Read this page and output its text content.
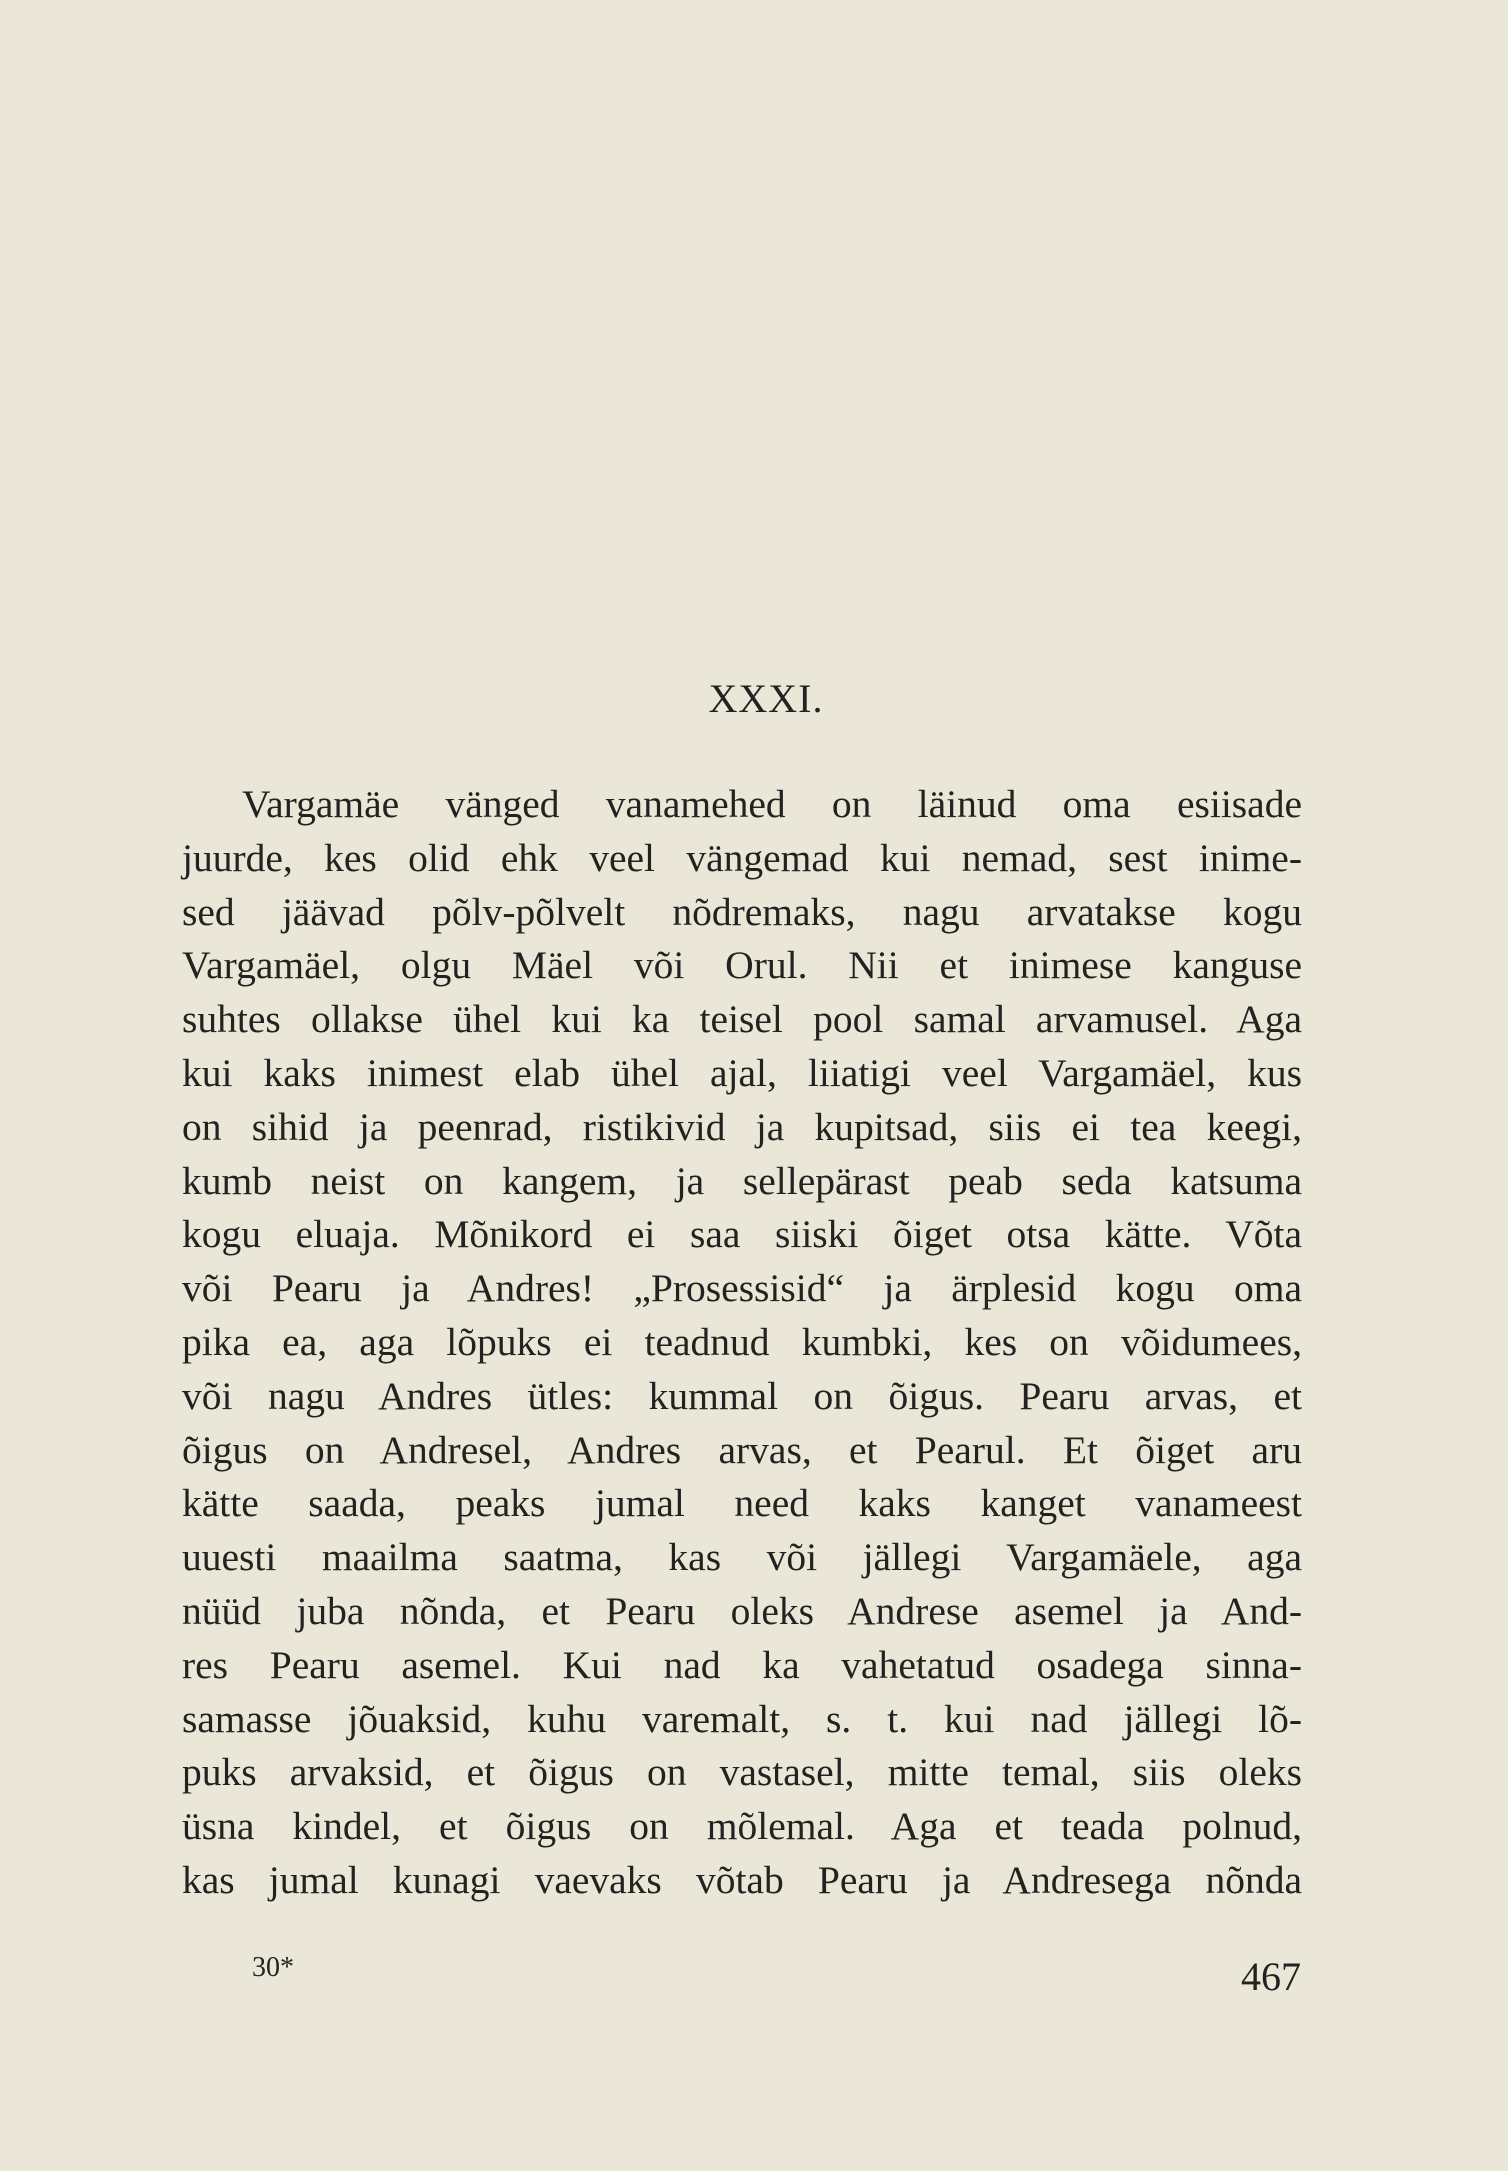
XXXI.
Vargamäe vänged vanamehed on läinud oma esiisade
juurde, kes olid ehk veel vängemad kui nemad, sest inime-
sed jäävad põlv-põlvelt nõdremaks, nagu arvatakse kogu
Vargamäel, olgu Mäel või Orul. Nii et inimese kanguse
suhtes ollakse ühel kui ka teisel pool samal arvamusel. Aga
kui kaks inimest elab ühel ajal, liiatigi veel Vargamäel, kus
on sihid ja peenrad, ristikivid ja kupitsad, siis ei tea keegi,
kumb neist on kangem, ja sellepärast peab seda katsuma
kogu eluaja. Mõnikord ei saa siiski õiget otsa kätte. Võta
või Pearu ja Andres! „Prosessisid“ ja ärplesid kogu oma
pika ea, aga lõpuks ei teadnud kumbki, kes on võidumees,
või nagu Andres ütles: kummal on õigus. Pearu arvas, et
õigus on Andresel, Andres arvas, et Pearul. Et õiget aru
kätte saada, peaks jumal need kaks kanget vanameest
uuesti maailma saatma, kas või jällegi Vargamäele, aga
nüüd juba nõnda, et Pearu oleks Andrese asemel ja And-
res Pearu asemel. Kui nad ka vahetatud osadega sinna-
samasse jõuaksid, kuhu varemalt, s. t. kui nad jällegi lõ-
puks arvaksid, et õigus on vastasel, mitte temal, siis oleks
üsna kindel, et õigus on mõlemal. Aga et teada polnud,
kas jumal kunagi vaevaks võtab Pearu ja Andresega nõnda
30*	467
